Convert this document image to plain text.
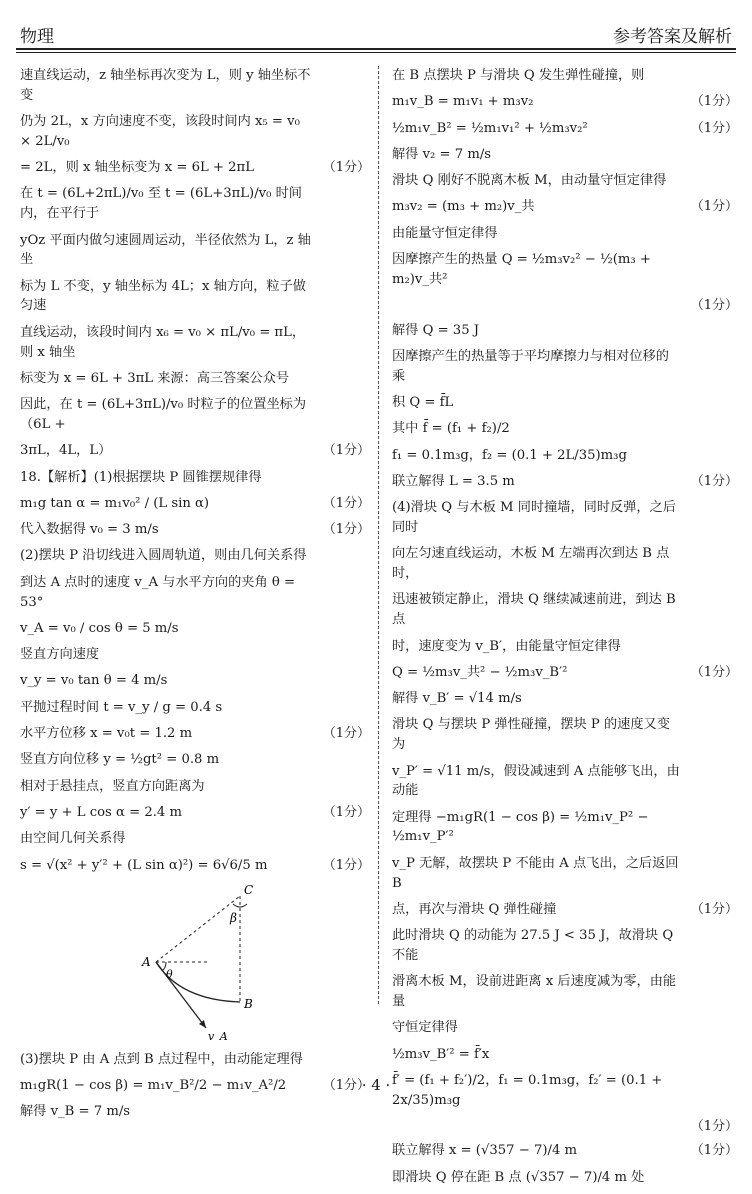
物理	参考答案及解析
速直线运动，z 轴坐标再次变为 L，则 y 轴坐标不变
仍为 2L，x 方向速度不变，该段时间内 x₅ = v₀ × 2L/v₀
= 2L，则 x 轴坐标变为 x = 6L + 2πL	（1分）
在 t = (6L+2πL)/v₀ 至 t = (6L+3πL)/v₀ 时间内，在平行于
yOz 平面内做匀速圆周运动，半径依然为 L，z 轴坐
标为 L 不变，y 轴坐标为 4L；x 轴方向，粒子做匀速
直线运动，该段时间内 x₆ = v₀ × πL/v₀ = πL，则 x 轴坐
标变为 x = 6L + 3πL 来源：高三答案公众号
因此，在 t = (6L+3πL)/v₀ 时粒子的位置坐标为（6L +
3πL，4L，L）	（1分）
18.【解析】(1)根据摆块 P 圆锥摆规律得
m₁g tan α = m₁v₀² / (L sin α)	（1分）
代入数据得 v₀ = 3 m/s	（1分）
(2)摆块 P 沿切线进入圆周轨道，则由几何关系得
到达 A 点时的速度 v_A 与水平方向的夹角 θ = 53°
v_A = v₀ / cos θ = 5 m/s
竖直方向速度
v_y = v₀ tan θ = 4 m/s
平抛过程时间 t = v_y / g = 0.4 s
水平方位移 x = v₀t = 1.2 m	（1分）
竖直方向位移 y = ½gt² = 0.8 m
相对于悬挂点，竖直方向距离为
y′ = y + L cos α = 2.4 m	（1分）
由空间几何关系得
s = √(x² + y′² + (L sin α)²) = 6√6/5 m	（1分）
C
β
A
θ
B
v_A
(3)摆块 P 由 A 点到 B 点过程中，由动能定理得
m₁gR(1 − cos β) = m₁v_B²/2 − m₁v_A²/2	（1分）
解得 v_B = 7 m/s
在 B 点摆块 P 与滑块 Q 发生弹性碰撞，则
m₁v_B = m₁v₁ + m₃v₂	（1分）
½m₁v_B² = ½m₁v₁² + ½m₃v₂²	（1分）
解得 v₂ = 7 m/s
滑块 Q 刚好不脱离木板 M，由动量守恒定律得
m₃v₂ = (m₃ + m₂)v_共	（1分）
由能量守恒定律得
因摩擦产生的热量 Q = ½m₃v₂² − ½(m₃ + m₂)v_共²
（1分）
解得 Q = 35 J
因摩擦产生的热量等于平均摩擦力与相对位移的乘
积 Q = f̄L
其中 f̄ = (f₁ + f₂)/2
f₁ = 0.1m₃g，f₂ = (0.1 + 2L/35)m₃g
联立解得 L = 3.5 m	（1分）
(4)滑块 Q 与木板 M 同时撞墙，同时反弹，之后同时
向左匀速直线运动，木板 M 左端再次到达 B 点时，
迅速被锁定静止，滑块 Q 继续减速前进，到达 B 点
时，速度变为 v_B′，由能量守恒定律得
Q = ½m₃v_共² − ½m₃v_B′²	（1分）
解得 v_B′ = √14 m/s
滑块 Q 与摆块 P 弹性碰撞，摆块 P 的速度又变为
v_P′ = √11 m/s，假设减速到 A 点能够飞出，由动能
定理得 −m₁gR(1 − cos β) = ½m₁v_P² − ½m₁v_P′²
v_P 无解，故摆块 P 不能由 A 点飞出，之后返回 B
点，再次与滑块 Q 弹性碰撞	（1分）
此时滑块 Q 的动能为 27.5 J < 35 J，故滑块 Q 不能
滑离木板 M，设前进距离 x 后速度减为零，由能量
守恒定律得
½m₃v_B′² = f̄′x
f̄′ = (f₁ + f₂′)/2，f₁ = 0.1m₃g，f₂′ = (0.1 + 2x/35)m₃g
（1分）
联立解得 x = (√357 − 7)/4 m	（1分）
即滑块 Q 停在距 B 点 (√357 − 7)/4 m 处
· 4 ·
